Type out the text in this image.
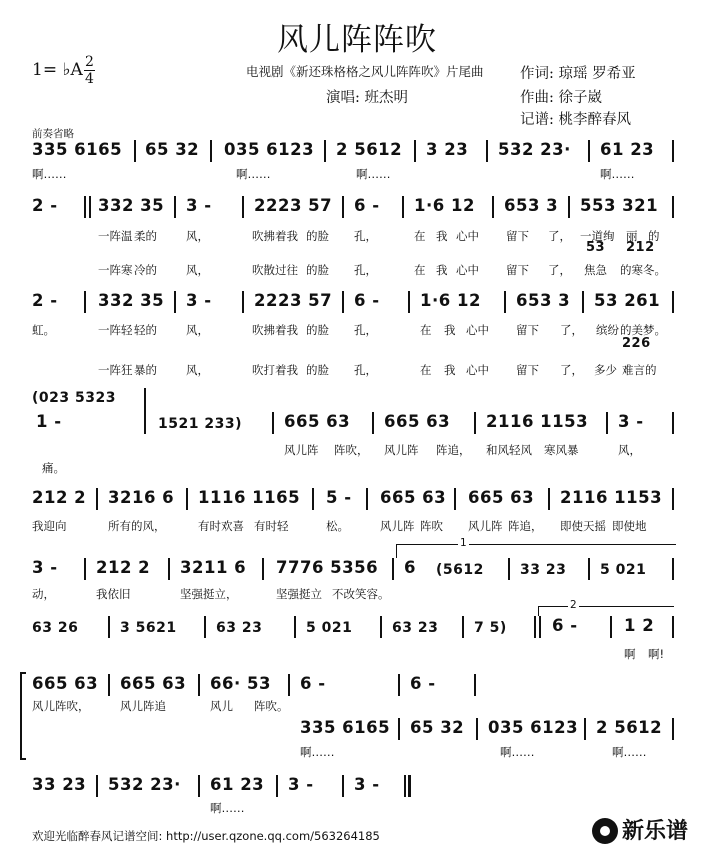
风儿阵阵吹
1= ♭A 2
4	电视剧《新还珠格格之风儿阵阵吹》片尾曲	作词: 琼瑶 罗希亚
演唱: 班杰明	作曲: 徐子崴
记谱: 桃李醉春风
前奏省略
335 6165 65 32 035 6123 2 5612 3 23 532 23· 61 23
啊……	啊……	啊……	啊……
2 - 332 35 3 -	2223 57 6 - 1·6 12 653 3 553 321
一阵温 柔的	风，	吹拂着我 的脸 孔，	在 我 心中 留下 了， 一道绚 丽 的
53 212
一阵寒 冷的	风，	吹散过往 的脸 孔，	在 我 心中 留下 了， 焦急 的寒冬。
2 - 332 35 3 -	2223 57 6 - 1·6 12 653 3 53 261
虹。	一阵轻 轻的	风，	吹拂着我 的脸 孔，	在 我 心中 留下 了， 缤纷 的美梦。
226
一阵狂 暴的	风，	吹打着我 的脸 孔，	在 我 心中 留下 了， 多少 难言的
(023 5323
1 -	1521 233)	665 63 665 63 2116 1153 3 -
痛。
风儿阵 阵吹， 风儿阵 阵追， 和风轻风 寒风暴	风，
212 2 3216 6 1116 1165 5 - 665 63 665 63 2116 1153
我迎向	所有的风，	有时欢喜 有时轻	松。	风儿阵 阵吹 风儿阵 阵追， 即使天摇 即使地
3 - 212 2 3211 6 7776 5356 6 (5612	33 23 5 021
1
动，	我依旧	坚强挺立，	坚强挺立 不改笑容。
63 26	3 5621	63 23	5 021	63 23	7 5)	6 -	1 2
2
啊 啊!
665 63 665 63 66· 53 6 -	6 -
风儿阵吹，	风儿阵追	风儿 阵吹。
335 6165 65 32 035 6123 2 5612
啊……	啊……	啊……
33 23 532 23· 61 23 3 - 3 -
啊……
欢迎光临醉春风记谱空间: http://user.qzone.qq.com/563264185	新乐谱
